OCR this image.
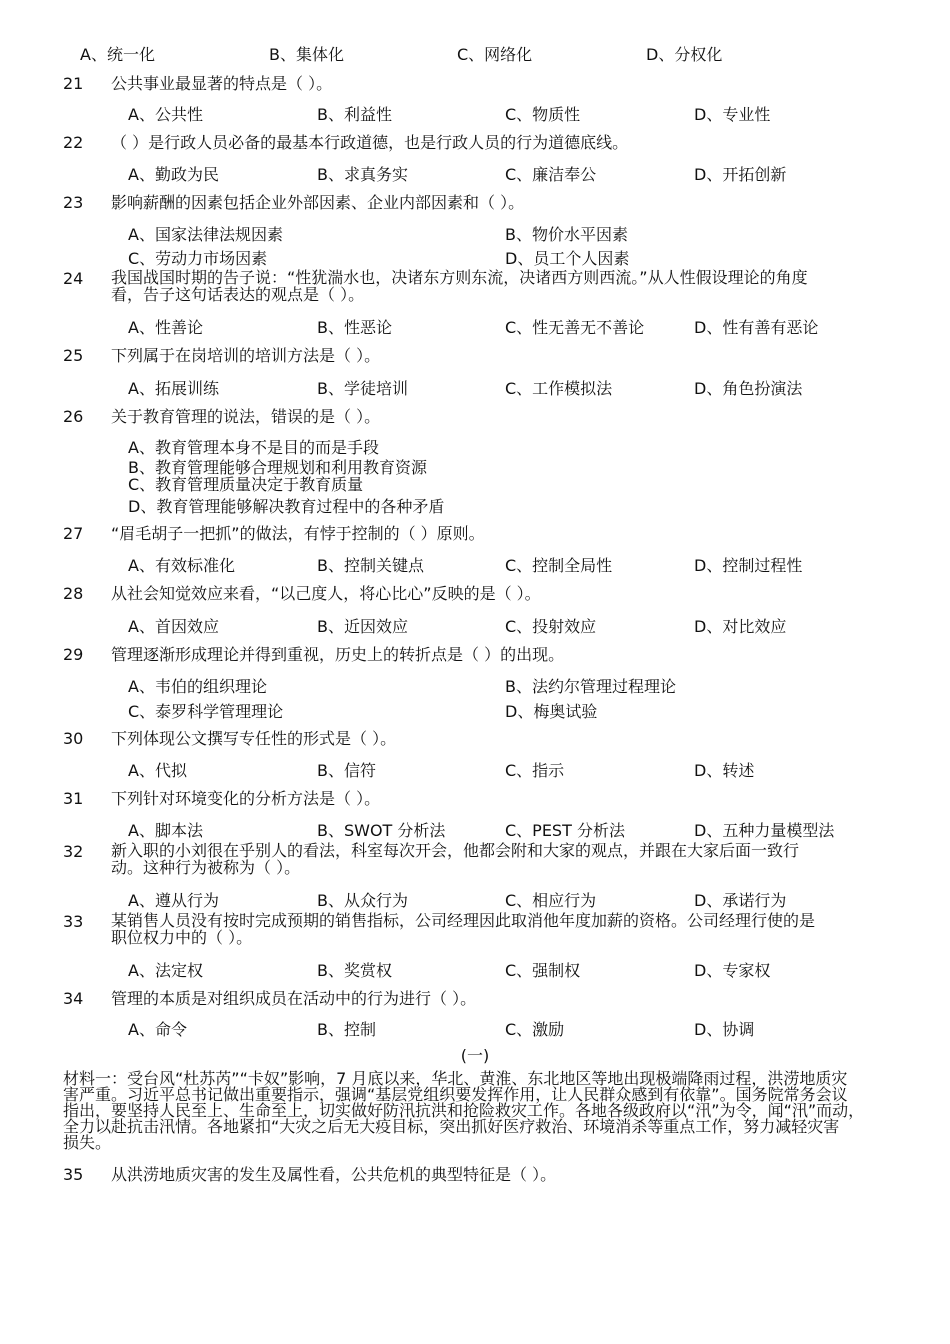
A、统一化	B、集体化	C、网络化	D、分权化
21	公共事业最显著的特点是（ ）。
A、公共性	B、利益性	C、物质性	D、专业性
22	（ ）是行政人员必备的最基本行政道德，也是行政人员的行为道德底线。
A、勤政为民	B、求真务实	C、廉洁奉公	D、开拓创新
23	影响薪酬的因素包括企业外部因素、企业内部因素和（ ）。
A、国家法律法规因素	B、物价水平因素
C、劳动力市场因素	D、员工个人因素
24	我国战国时期的告子说：“性犹湍水也，决诸东方则东流，决诸西方则西流。”从人性假设理论的角度
看，告子这句话表达的观点是（ ）。
A、性善论	B、性恶论	C、性无善无不善论	D、性有善有恶论
25	下列属于在岗培训的培训方法是（ ）。
A、拓展训练	B、学徒培训	C、工作模拟法	D、角色扮演法
26	关于教育管理的说法，错误的是（ ）。
A、教育管理本身不是目的而是手段
B、教育管理能够合理规划和利用教育资源
C、教育管理质量决定于教育质量
D、教育管理能够解决教育过程中的各种矛盾
27	“眉毛胡子一把抓”的做法，有悖于控制的（ ）原则。
A、有效标准化	B、控制关键点	C、控制全局性	D、控制过程性
28	从社会知觉效应来看，“以己度人，将心比心”反映的是（ ）。
A、首因效应	B、近因效应	C、投射效应	D、对比效应
29	管理逐渐形成理论并得到重视，历史上的转折点是（ ）的出现。
A、韦伯的组织理论	B、法约尔管理过程理论
C、泰罗科学管理理论	D、梅奥试验
30	下列体现公文撰写专任性的形式是（ ）。
A、代拟	B、信符	C、指示	D、转述
31	下列针对环境变化的分析方法是（ ）。
A、脚本法	B、SWOT 分析法	C、PEST 分析法	D、五种力量模型法
32	新入职的小刘很在乎别人的看法，科室每次开会，他都会附和大家的观点，并跟在大家后面一致行
动。这种行为被称为（ ）。
A、遵从行为	B、从众行为	C、相应行为	D、承诺行为
33	某销售人员没有按时完成预期的销售指标，公司经理因此取消他年度加薪的资格。公司经理行使的是
职位权力中的（ ）。
A、法定权	B、奖赏权	C、强制权	D、专家权
34	管理的本质是对组织成员在活动中的行为进行（ ）。
A、命令	B、控制	C、激励	D、协调
(一)
材料一：受台风“杜苏芮”“卡奴”影响，7 月底以来，华北、黄淮、东北地区等地出现极端降雨过程，洪涝地质灾
害严重。习近平总书记做出重要指示，强调“基层党组织要发挥作用，让人民群众感到有依靠”。国务院常务会议
指出，要坚持人民至上、生命至上，切实做好防汛抗洪和抢险救灾工作。各地各级政府以“汛”为令，闻“汛”而动，
全力以赴抗击汛情。各地紧扣“大灾之后无大疫目标，突出抓好医疗救治、环境消杀等重点工作，努力减轻灾害
损失。
35	从洪涝地质灾害的发生及属性看，公共危机的典型特征是（ ）。
